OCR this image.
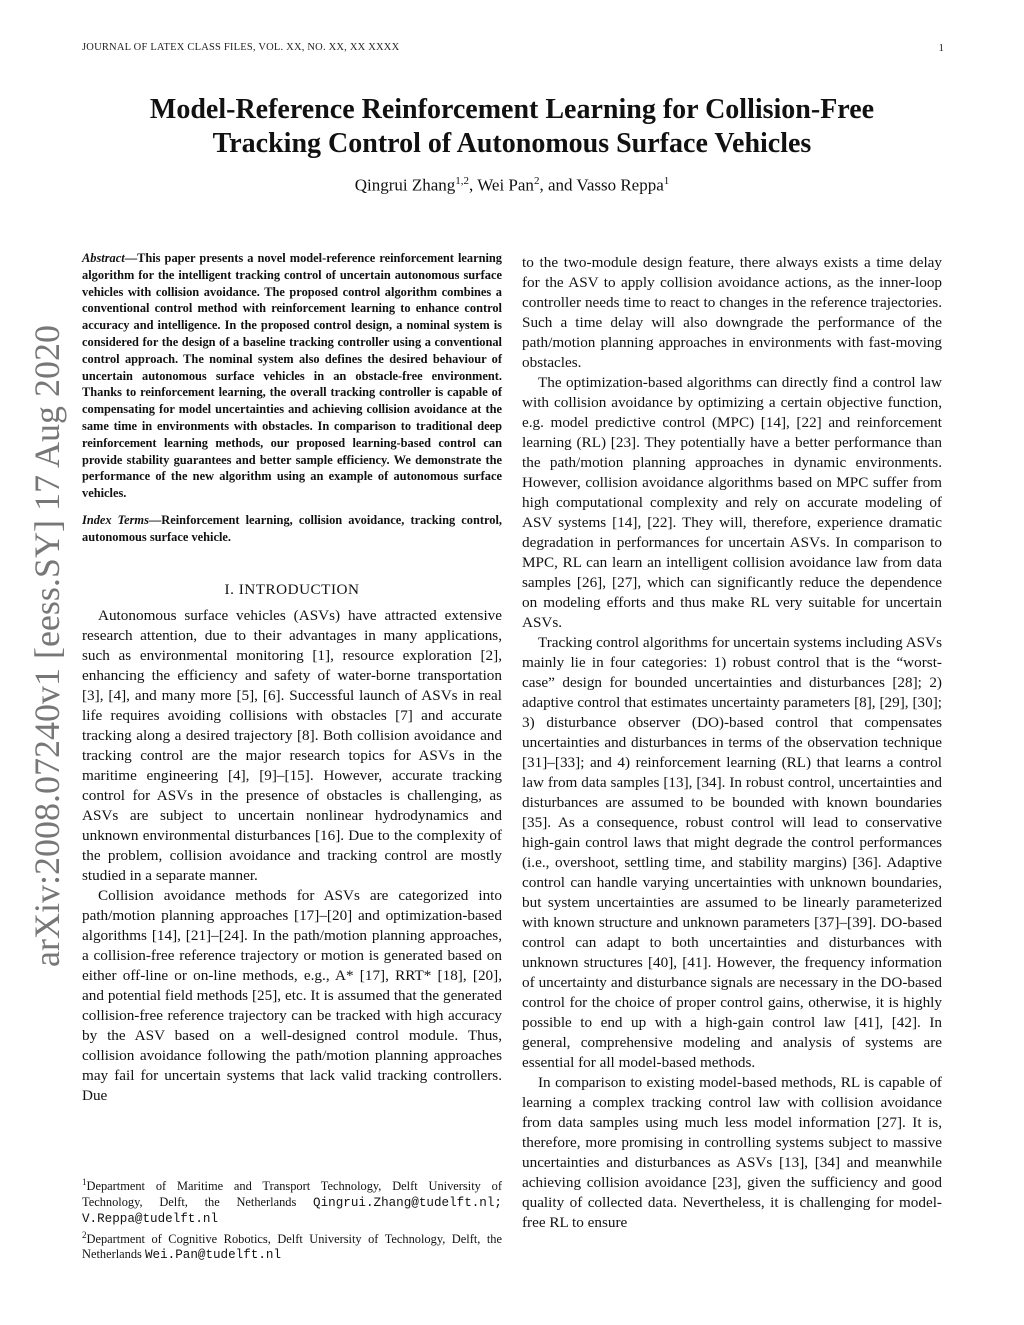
JOURNAL OF LATEX CLASS FILES, VOL. XX, NO. XX, XX XXXX	1
arXiv:2008.07240v1 [eess.SY] 17 Aug 2020
Model-Reference Reinforcement Learning for Collision-Free
Tracking Control of Autonomous Surface Vehicles
Qingrui Zhang$^{1,2}$, Wei Pan$^2$, and Vasso Reppa$^1$
Abstract—This paper presents a novel model-reference reinforcement learning algorithm for the intelligent tracking control of uncertain autonomous surface vehicles with collision avoidance. The proposed control algorithm combines a conventional control method with reinforcement learning to enhance control accuracy and intelligence. In the proposed control design, a nominal system is considered for the design of a baseline tracking controller using a conventional control approach. The nominal system also defines the desired behaviour of uncertain autonomous surface vehicles in an obstacle-free environment. Thanks to reinforcement learning, the overall tracking controller is capable of compensating for model uncertainties and achieving collision avoidance at the same time in environments with obstacles. In comparison to traditional deep reinforcement learning methods, our proposed learning-based control can provide stability guarantees and better sample efficiency. We demonstrate the performance of the new algorithm using an example of autonomous surface vehicles.
Index Terms—Reinforcement learning, collision avoidance, tracking control, autonomous surface vehicle.
I. INTRODUCTION

Autonomous surface vehicles (ASVs) have attracted extensive research attention, due to their advantages in many applications, such as environmental monitoring [1], resource exploration [2], enhancing the efficiency and safety of water-borne transportation [3], [4], and many more [5], [6]. Successful launch of ASVs in real life requires avoiding collisions with obstacles [7] and accurate tracking along a desired trajectory [8]. Both collision avoidance and tracking control are the major research topics for ASVs in the maritime engineering [4], [9]–[15]. However, accurate tracking control for ASVs in the presence of obstacles is challenging, as ASVs are subject to uncertain nonlinear hydrodynamics and unknown environmental disturbances [16]. Due to the complexity of the problem, collision avoidance and tracking control are mostly studied in a separate manner.

Collision avoidance methods for ASVs are categorized into path/motion planning approaches [17]–[20] and optimization-based algorithms [14], [21]–[24]. In the path/motion planning approaches, a collision-free reference trajectory or motion is generated based on either off-line or on-line methods, e.g., A* [17], RRT* [18], [20], and potential field methods [25], etc. It is assumed that the generated collision-free reference trajectory can be tracked with high accuracy by the ASV based on a well-designed control module. Thus, collision avoidance following the path/motion planning approaches may fail for uncertain systems that lack valid tracking controllers. Due

to the two-module design feature, there always exists a time delay for the ASV to apply collision avoidance actions, as the inner-loop controller needs time to react to changes in the reference trajectories. Such a time delay will also downgrade the performance of the path/motion planning approaches in environments with fast-moving obstacles.

The optimization-based algorithms can directly find a control law with collision avoidance by optimizing a certain objective function, e.g. model predictive control (MPC) [14], [22] and reinforcement learning (RL) [23]. They potentially have a better performance than the path/motion planning approaches in dynamic environments. However, collision avoidance algorithms based on MPC suffer from high computational complexity and rely on accurate modeling of ASV systems [14], [22]. They will, therefore, experience dramatic degradation in performances for uncertain ASVs. In comparison to MPC, RL can learn an intelligent collision avoidance law from data samples [26], [27], which can significantly reduce the dependence on modeling efforts and thus make RL very suitable for uncertain ASVs.

Tracking control algorithms for uncertain systems including ASVs mainly lie in four categories: 1) robust control that is the “worst-case” design for bounded uncertainties and disturbances [28]; 2) adaptive control that estimates uncertainty parameters [8], [29], [30]; 3) disturbance observer (DO)-based control that compensates uncertainties and disturbances in terms of the observation technique [31]–[33]; and 4) reinforcement learning (RL) that learns a control law from data samples [13], [34]. In robust control, uncertainties and disturbances are assumed to be bounded with known boundaries [35]. As a consequence, robust control will lead to conservative high-gain control laws that might degrade the control performances (i.e., overshoot, settling time, and stability margins) [36]. Adaptive control can handle varying uncertainties with unknown boundaries, but system uncertainties are assumed to be linearly parameterized with known structure and unknown parameters [37]–[39]. DO-based control can adapt to both uncertainties and disturbances with unknown structures [40], [41]. However, the frequency information of uncertainty and disturbance signals are necessary in the DO-based control for the choice of proper control gains, otherwise, it is highly possible to end up with a high-gain control law [41], [42]. In general, comprehensive modeling and analysis of systems are essential for all model-based methods.

In comparison to existing model-based methods, RL is capable of learning a complex tracking control law with collision avoidance from data samples using much less model information [27]. It is, therefore, more promising in controlling systems subject to massive uncertainties and disturbances as ASVs [13], [34] and meanwhile achieving collision avoidance [23], given the sufficiency and good quality of collected data. Nevertheless, it is challenging for model-free RL to ensure

$^1$Department of Maritime and Transport Technology, Delft University of Technology, Delft, the Netherlands Qingrui.Zhang@tudelft.nl; V.Reppa@tudelft.nl
$^2$Department of Cognitive Robotics, Delft University of Technology, Delft, the Netherlands Wei.Pan@tudelft.nl
